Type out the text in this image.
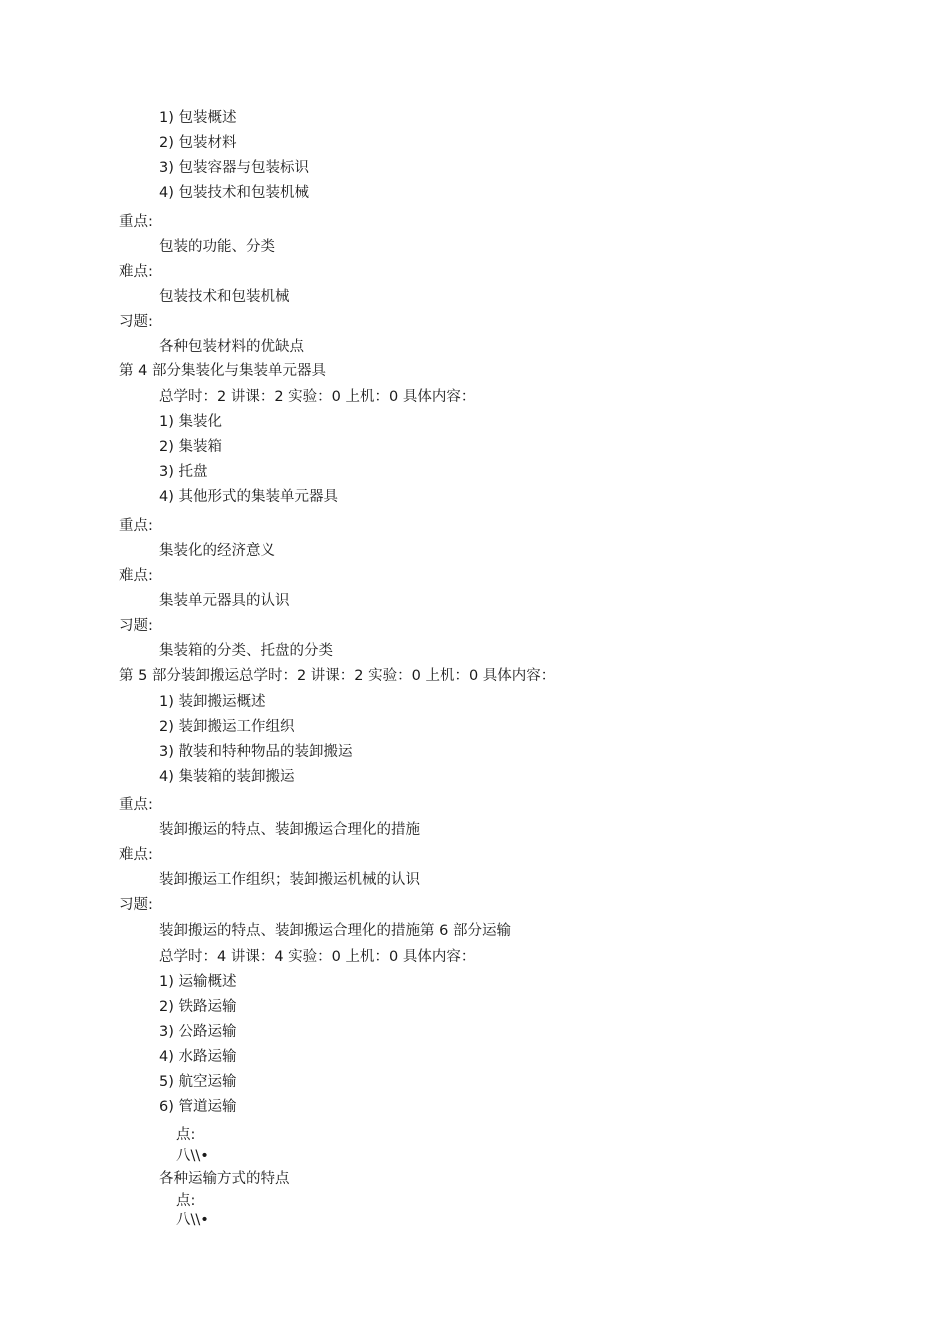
1) 包装概述
2) 包装材料
3) 包装容器与包装标识
4) 包装技术和包装机械
重点:
包装的功能、分类
难点:
包装技术和包装机械
习题:
各种包装材料的优缺点
第 4 部分集装化与集装单元器具
总学时：2 讲课：2 实验：0 上机：0 具体内容：
1) 集装化
2) 集装箱
3) 托盘
4) 其他形式的集装单元器具
重点:
集装化的经济意义
难点:
集装单元器具的认识
习题:
集装箱的分类、托盘的分类
第 5 部分装卸搬运总学时：2 讲课：2 实验：0 上机：0 具体内容：
1) 装卸搬运概述
2) 装卸搬运工作组织
3) 散装和特种物品的装卸搬运
4) 集装箱的装卸搬运
重点:
装卸搬运的特点、装卸搬运合理化的措施
难点:
装卸搬运工作组织；装卸搬运机械的认识
习题:
装卸搬运的特点、装卸搬运合理化的措施第 6 部分运输
总学时：4 讲课：4 实验：0 上机：0 具体内容：
1) 运输概述
2) 铁路运输
3) 公路运输
4) 水路运输
5) 航空运输
6) 管道运输
点:
八\\•
各种运输方式的特点
点:
八\\•
